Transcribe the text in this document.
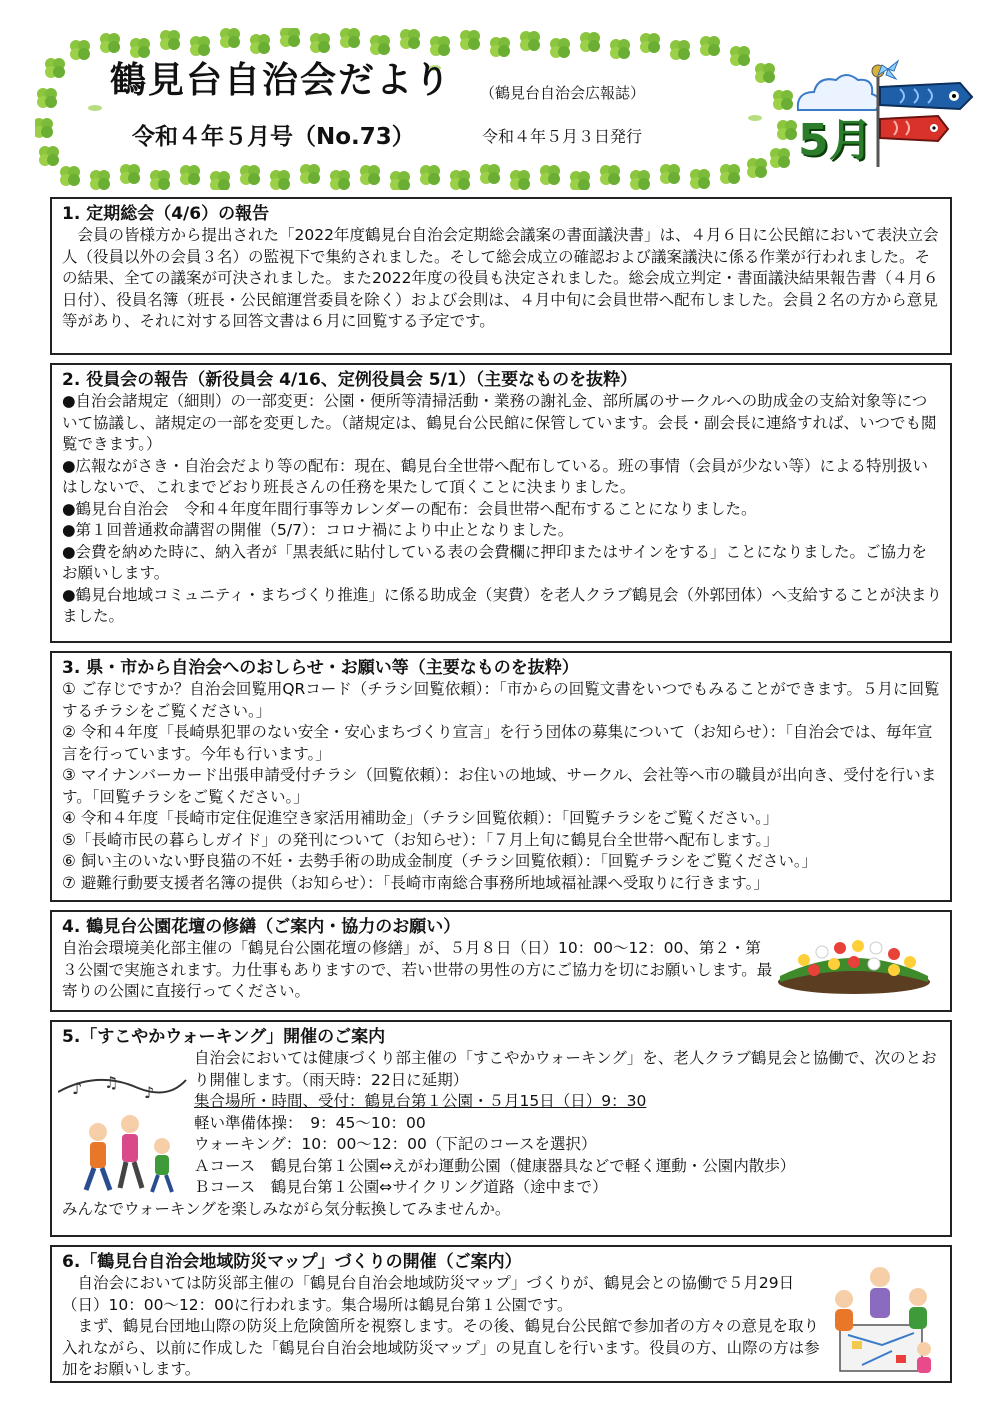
鶴見台自治会だより （鶴見台自治会広報誌）
令和４年５月号（No.73）	令和４年５月３日発行	5月
1. 定期総会（4/6）の報告

会員の皆様方から提出された「2022年度鶴見台自治会定期総会議案の書面議決書」は、４月６日に公民館において表決立会人（役員以外の会員３名）の監視下で集約されました。そして総会成立の確認および議案議決に係る作業が行われました。その結果、全ての議案が可決されました。また2022年度の役員も決定されました。総会成立判定・書面議決結果報告書（４月６日付）、役員名簿（班長・公民館運営委員を除く）および会則は、４月中旬に会員世帯へ配布しました。会員２名の方から意見等があり、それに対する回答文書は６月に回覧する予定です。

2. 役員会の報告（新役員会 4/16、定例役員会 5/1）（主要なものを抜粋）

●自治会諸規定（細則）の一部変更：公園・便所等清掃活動・業務の謝礼金、部所属のサークルへの助成金の支給対象等について協議し、諸規定の一部を変更した。（諸規定は、鶴見台公民館に保管しています。会長・副会長に連絡すれば、いつでも閲覧できます。）

●広報ながさき・自治会だより等の配布：現在、鶴見台全世帯へ配布している。班の事情（会員が少ない等）による特別扱いはしないで、これまでどおり班長さんの任務を果たして頂くことに決まりました。

●鶴見台自治会　令和４年度年間行事等カレンダーの配布：会員世帯へ配布することになりました。

●第１回普通救命講習の開催（5/7）：コロナ禍により中止となりました。

●会費を納めた時に、納入者が「黒表紙に貼付している表の会費欄に押印またはサインをする」ことになりました。ご協力をお願いします。

●鶴見台地域コミュニティ・まちづくり推進」に係る助成金（実費）を老人クラブ鶴見会（外郭団体）へ支給することが決まりました。

3. 県・市から自治会へのおしらせ・お願い等（主要なものを抜粋）

① ご存じですか？自治会回覧用QRコード（チラシ回覧依頼）：「市からの回覧文書をいつでもみることができます。５月に回覧するチラシをご覧ください。」

② 令和４年度「長崎県犯罪のない安全・安心まちづくり宣言」を行う団体の募集について（お知らせ）：「自治会では、毎年宣言を行っています。今年も行います。」

③ マイナンバーカード出張申請受付チラシ（回覧依頼）：お住いの地域、サークル、会社等へ市の職員が出向き、受付を行います。「回覧チラシをご覧ください。」

④ 令和４年度「長崎市定住促進空き家活用補助金」（チラシ回覧依頼）：「回覧チラシをご覧ください。」

⑤「長崎市民の暮らしガイド」の発刊について（お知らせ）：「７月上旬に鶴見台全世帯へ配布します。」

⑥ 飼い主のいない野良猫の不妊・去勢手術の助成金制度（チラシ回覧依頼）：「回覧チラシをご覧ください。」

⑦ 避難行動要支援者名簿の提供（お知らせ）：「長崎市南総合事務所地域福祉課へ受取りに行きます。」

4. 鶴見台公園花壇の修繕（ご案内・協力のお願い）

自治会環境美化部主催の「鶴見台公園花壇の修繕」が、５月８日（日）10：00～12：00、第２・第３公園で実施されます。力仕事もありますので、若い世帯の男性の方にご協力を切にお願いします。最寄りの公園に直接行ってください。

5.「すこやかウォーキング」開催のご案内
♪ ♫
♪

自治会においては健康づくり部主催の「すこやかウォーキング」を、老人クラブ鶴見会と協働で、次のとおり開催します。（雨天時：22日に延期）

集合場所・時間、受付：鶴見台第１公園・５月15日（日）9：30

軽い準備体操：　9：45～10：00

ウォーキング：10：00～12：00（下記のコースを選択）

Ａコース　鶴見台第１公園⇔えがわ運動公園（健康器具などで軽く運動・公園内散歩）

Ｂコース　鶴見台第１公園⇔サイクリング道路（途中まで）

みんなでウォーキングを楽しみながら気分転換してみませんか。

6.「鶴見台自治会地域防災マップ」づくりの開催（ご案内）

自治会においては防災部主催の「鶴見台自治会地域防災マップ」づくりが、鶴見会との協働で５月29日（日）10：00～12：00に行われます。集合場所は鶴見台第１公園です。

まず、鶴見台団地山際の防災上危険箇所を視察します。その後、鶴見台公民館で参加者の方々の意見を取り入れながら、以前に作成した「鶴見台自治会地域防災マップ」の見直しを行います。役員の方、山際の方は参加をお願いします。
